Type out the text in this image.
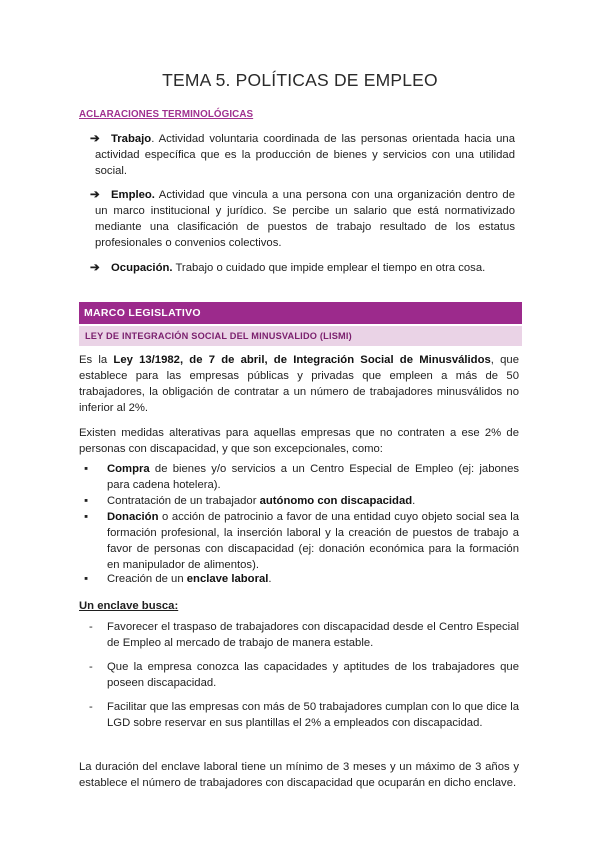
TEMA 5. POLÍTICAS DE EMPLEO
ACLARACIONES TERMINOLÓGICAS
➔	Trabajo. Actividad voluntaria coordinada de las personas orientada hacia una actividad específica que es la producción de bienes y servicios con una utilidad social.

➔	Empleo. Actividad que vincula a una persona con una organización dentro de un marco institucional y jurídico. Se percibe un salario que está normativizado mediante una clasificación de puestos de trabajo resultado de los estatus profesionales o convenios colectivos.

➔	Ocupación. Trabajo o cuidado que impide emplear el tiempo en otra cosa.

MARCO LEGISLATIVO
LEY DE INTEGRACIÓN SOCIAL DEL MINUSVALIDO (LISMI)
Es la Ley 13/1982, de 7 de abril, de Integración Social de Minusválidos, que establece para las empresas públicas y privadas que empleen a más de 50 trabajadores, la obligación de contratar a un número de trabajadores minusválidos no inferior al 2%.
Existen medidas alterativas para aquellas empresas que no contraten a ese 2% de personas con discapacidad, y que son excepcionales, como:
▪	Compra de bienes y/o servicios a un Centro Especial de Empleo (ej: jabones para cadena hotelera).

▪	Contratación de un trabajador autónomo con discapacidad.

▪	Donación o acción de patrocinio a favor de una entidad cuyo objeto social sea la formación profesional, la inserción laboral y la creación de puestos de trabajo a favor de personas con discapacidad (ej: donación económica para la formación en manipulador de alimentos).

▪	Creación de un enclave laboral.

Un enclave busca:
-	Favorecer el traspaso de trabajadores con discapacidad desde el Centro Especial de Empleo al mercado de trabajo de manera estable.

-	Que la empresa conozca las capacidades y aptitudes de los trabajadores que poseen discapacidad.

-	Facilitar que las empresas con más de 50 trabajadores cumplan con lo que dice la LGD sobre reservar en sus plantillas el 2% a empleados con discapacidad.

La duración del enclave laboral tiene un mínimo de 3 meses y un máximo de 3 años y establece el número de trabajadores con discapacidad que ocuparán en dicho enclave.
